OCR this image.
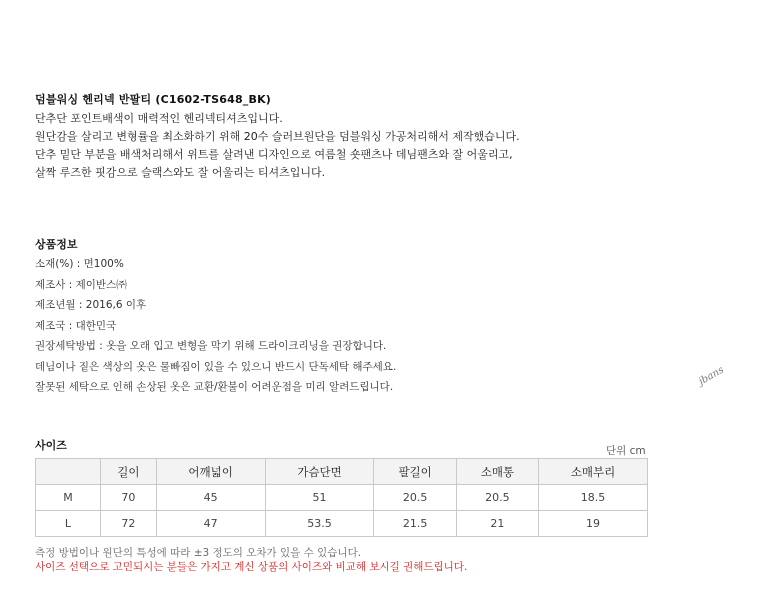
덤블워싱 헨리넥 반팔티 (C1602-TS648_BK)
단추단 포인트배색이 매력적인 헨리넥티셔츠입니다.
원단감을 살리고 변형률을 최소화하기 위해 20수 슬러브원단을 덤블워싱 가공처리해서 제작했습니다.
단추 밑단 부분을 배색처리해서 위트를 살려낸 디자인으로 여름철 숏팬츠나 데님팬츠와 잘 어울리고,
살짝 루즈한 핏감으로 슬랙스와도 잘 어울리는 티셔츠입니다.
상품정보
소재(%) : 면100%
제조사 : 제이반스㈜
제조년월 : 2016,6 이후
제조국 : 대한민국
권장세탁방법 : 옷을 오래 입고 변형을 막기 위해 드라이크리닝을 권장합니다.
데님이나 짙은 색상의 옷은 물빠짐이 있을 수 있으니 반드시 단독세탁 해주세요.
잘못된 세탁으로 인해 손상된 옷은 교환/환불이 어려운점을 미리 알려드립니다.	jbans
사이즈	단위 cm
	길이	어깨넓이	가슴단면	팔길이	소매통	소매부리
M	70	45	51	20.5	20.5	18.5
L	72	47	53.5	21.5	21	19
측정 방법이나 원단의 특성에 따라 ±3 정도의 오차가 있을 수 있습니다.
사이즈 선택으로 고민되시는 분들은 가지고 계신 상품의 사이즈와 비교해 보시길 권해드립니다.
